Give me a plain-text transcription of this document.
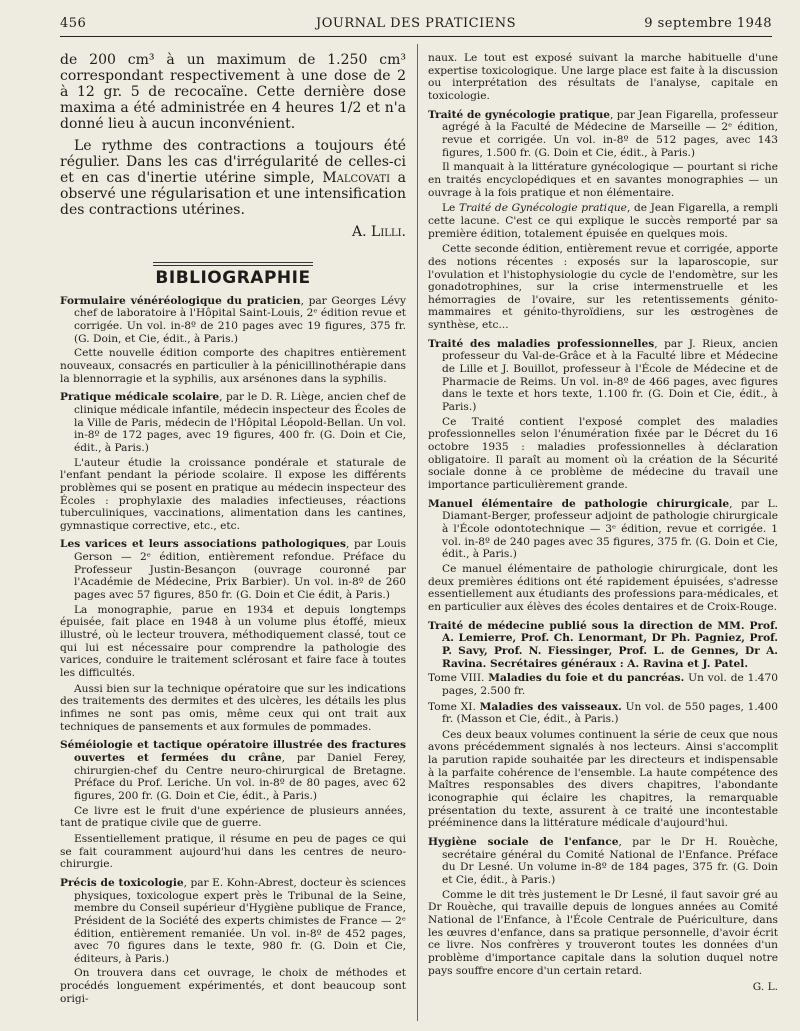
456	JOURNAL DES PRATICIENS	9 septembre 1948

de 200 cm³ à un maximum de 1.250 cm³ correspondant respectivement à une dose de 2 à 12 gr. 5 de recocaïne. Cette dernière dose maxima a été administrée en 4 heures 1/2 et n'a donné lieu à aucun inconvénient.

Le rythme des contractions a toujours été régulier. Dans les cas d'irrégularité de celles-ci et en cas d'inertie utérine simple, Malcovati a observé une régularisation et une intensification des contractions utérines.

A. Lilli.

BIBLIOGRAPHIE

Formulaire vénéréologique du praticien, par Georges Lévy chef de laboratoire à l'Hôpital Saint-Louis, 2ᵉ édition revue et corrigée. Un vol. in-8º de 210 pages avec 19 figures, 375 fr. (G. Doin, et Cie, édit., à Paris.)

Cette nouvelle édition comporte des chapitres entièrement nouveaux, consacrés en particulier à la pénicillinothérapie dans la blennorragie et la syphilis, aux arsénones dans la syphilis.

Pratique médicale scolaire, par le D. R. Liège, ancien chef de clinique médicale infantile, médecin inspecteur des Écoles de la Ville de Paris, médecin de l'Hôpital Léopold-Bellan. Un vol. in-8º de 172 pages, avec 19 figures, 400 fr. (G. Doin et Cie, édit., à Paris.)

L'auteur étudie la croissance pondérale et staturale de l'enfant pendant la période scolaire. Il expose les différents problèmes qui se posent en pratique au médecin inspecteur des Écoles : prophylaxie des maladies infectieuses, réactions tuberculiniques, vaccinations, alimentation dans les cantines, gymnastique corrective, etc., etc.

Les varices et leurs associations pathologiques, par Louis Gerson — 2ᵉ édition, entièrement refondue. Préface du Professeur Justin-Besançon (ouvrage couronné par l'Académie de Médecine, Prix Barbier). Un vol. in-8º de 260 pages avec 57 figures, 850 fr. (G. Doin et Cie édit, à Paris.)

La monographie, parue en 1934 et depuis longtemps épuisée, fait place en 1948 à un volume plus étoffé, mieux illustré, où le lecteur trouvera, méthodiquement classé, tout ce qui lui est nécessaire pour comprendre la pathologie des varices, conduire le traitement sclérosant et faire face à toutes les difficultés.

Aussi bien sur la technique opératoire que sur les indications des traitements des dermites et des ulcères, les détails les plus infimes ne sont pas omis, même ceux qui ont trait aux techniques de pansements et aux formules de pommades.

Séméiologie et tactique opératoire illustrée des fractures ouvertes et fermées du crâne, par Daniel Ferey, chirurgien-chef du Centre neuro-chirurgical de Bretagne. Préface du Prof. Leriche. Un vol. in-8º de 80 pages, avec 62 figures, 200 fr. (G. Doin et Cie, édit., à Paris.)

Ce livre est le fruit d'une expérience de plusieurs années, tant de pratique civile que de guerre.

Essentiellement pratique, il résume en peu de pages ce qui se fait couramment aujourd'hui dans les centres de neuro-chirurgie.

Précis de toxicologie, par E. Kohn-Abrest, docteur ès sciences physiques, toxicologue expert près le Tribunal de la Seine, membre du Conseil supérieur d'Hygiène publique de France, Président de la Société des experts chimistes de France — 2ᵉ édition, entièrement remaniée. Un vol. in-8º de 452 pages, avec 70 figures dans le texte, 980 fr. (G. Doin et Cie, éditeurs, à Paris.)

On trouvera dans cet ouvrage, le choix de méthodes et procédés longuement expérimentés, et dont beaucoup sont origi-

naux. Le tout est exposé suivant la marche habituelle d'une expertise toxicologique. Une large place est faite à la discussion ou interprétation des résultats de l'analyse, capitale en toxicologie.

Traité de gynécologie pratique, par Jean Figarella, professeur agrégé à la Faculté de Médecine de Marseille — 2ᵉ édition, revue et corrigée. Un vol. in-8º de 512 pages, avec 143 figures, 1.500 fr. (G. Doin et Cie, édit., à Paris.)

Il manquait à la littérature gynécologique — pourtant si riche en traités encyclopédiques et en savantes monographies — un ouvrage à la fois pratique et non élémentaire.

Le Traité de Gynécologie pratique, de Jean Figarella, a rempli cette lacune. C'est ce qui explique le succès remporté par sa première édition, totalement épuisée en quelques mois.

Cette seconde édition, entièrement revue et corrigée, apporte des notions récentes : exposés sur la laparoscopie, sur l'ovulation et l'histophysiologie du cycle de l'endomètre, sur les gonadotrophines, sur la crise intermenstruelle et les hémorragies de l'ovaire, sur les retentissements génito-mammaires et génito-thyroïdiens, sur les œstrogènes de synthèse, etc...

Traité des maladies professionnelles, par J. Rieux, ancien professeur du Val-de-Grâce et à la Faculté libre et Médecine de Lille et J. Bouillot, professeur à l'École de Médecine et de Pharmacie de Reims. Un vol. in-8º de 466 pages, avec figures dans le texte et hors texte, 1.100 fr. (G. Doin et Cie, édit., à Paris.)

Ce Traité contient l'exposé complet des maladies professionnelles selon l'énumération fixée par le Décret du 16 octobre 1935 : maladies professionnelles à déclaration obligatoire. Il paraît au moment où la création de la Sécurité sociale donne à ce problème de médecine du travail une importance particulièrement grande.

Manuel élémentaire de pathologie chirurgicale, par L. Diamant-Berger, professeur adjoint de pathologie chirurgicale à l'École odontotechnique — 3ᵉ édition, revue et corrigée. 1 vol. in-8º de 240 pages avec 35 figures, 375 fr. (G. Doin et Cie, édit., à Paris.)

Ce manuel élémentaire de pathologie chirurgicale, dont les deux premières éditions ont été rapidement épuisées, s'adresse essentiellement aux étudiants des professions para-médicales, et en particulier aux élèves des écoles dentaires et de Croix-Rouge.

Traité de médecine publié sous la direction de MM. Prof. A. Lemierre, Prof. Ch. Lenormant, Dr Ph. Pagniez, Prof. P. Savy, Prof. N. Fiessinger, Prof. L. de Gennes, Dr A. Ravina. Secrétaires généraux : A. Ravina et J. Patel.

Tome VIII. Maladies du foie et du pancréas. Un vol. de 1.470 pages, 2.500 fr.

Tome XI. Maladies des vaisseaux. Un vol. de 550 pages, 1.400 fr. (Masson et Cie, édit., à Paris.)

Ces deux beaux volumes continuent la série de ceux que nous avons précédemment signalés à nos lecteurs. Ainsi s'accomplit la parution rapide souhaitée par les directeurs et indispensable à la parfaite cohérence de l'ensemble. La haute compétence des Maîtres responsables des divers chapitres, l'abondante iconographie qui éclaire les chapitres, la remarquable présentation du texte, assurent à ce traité une incontestable prééminence dans la littérature médicale d'aujourd'hui.

Hygiène sociale de l'enfance, par le Dr H. Rouèche, secrétaire général du Comité National de l'Enfance. Préface du Dr Lesné. Un volume in-8º de 184 pages, 375 fr. (G. Doin et Cie, édit., à Paris.)

Comme le dit très justement le Dr Lesné, il faut savoir gré au Dr Rouèche, qui travaille depuis de longues années au Comité National de l'Enfance, à l'École Centrale de Puériculture, dans les œuvres d'enfance, dans sa pratique personnelle, d'avoir écrit ce livre. Nos confrères y trouveront toutes les données d'un problème d'importance capitale dans la solution duquel notre pays souffre encore d'un certain retard.

G. L.
